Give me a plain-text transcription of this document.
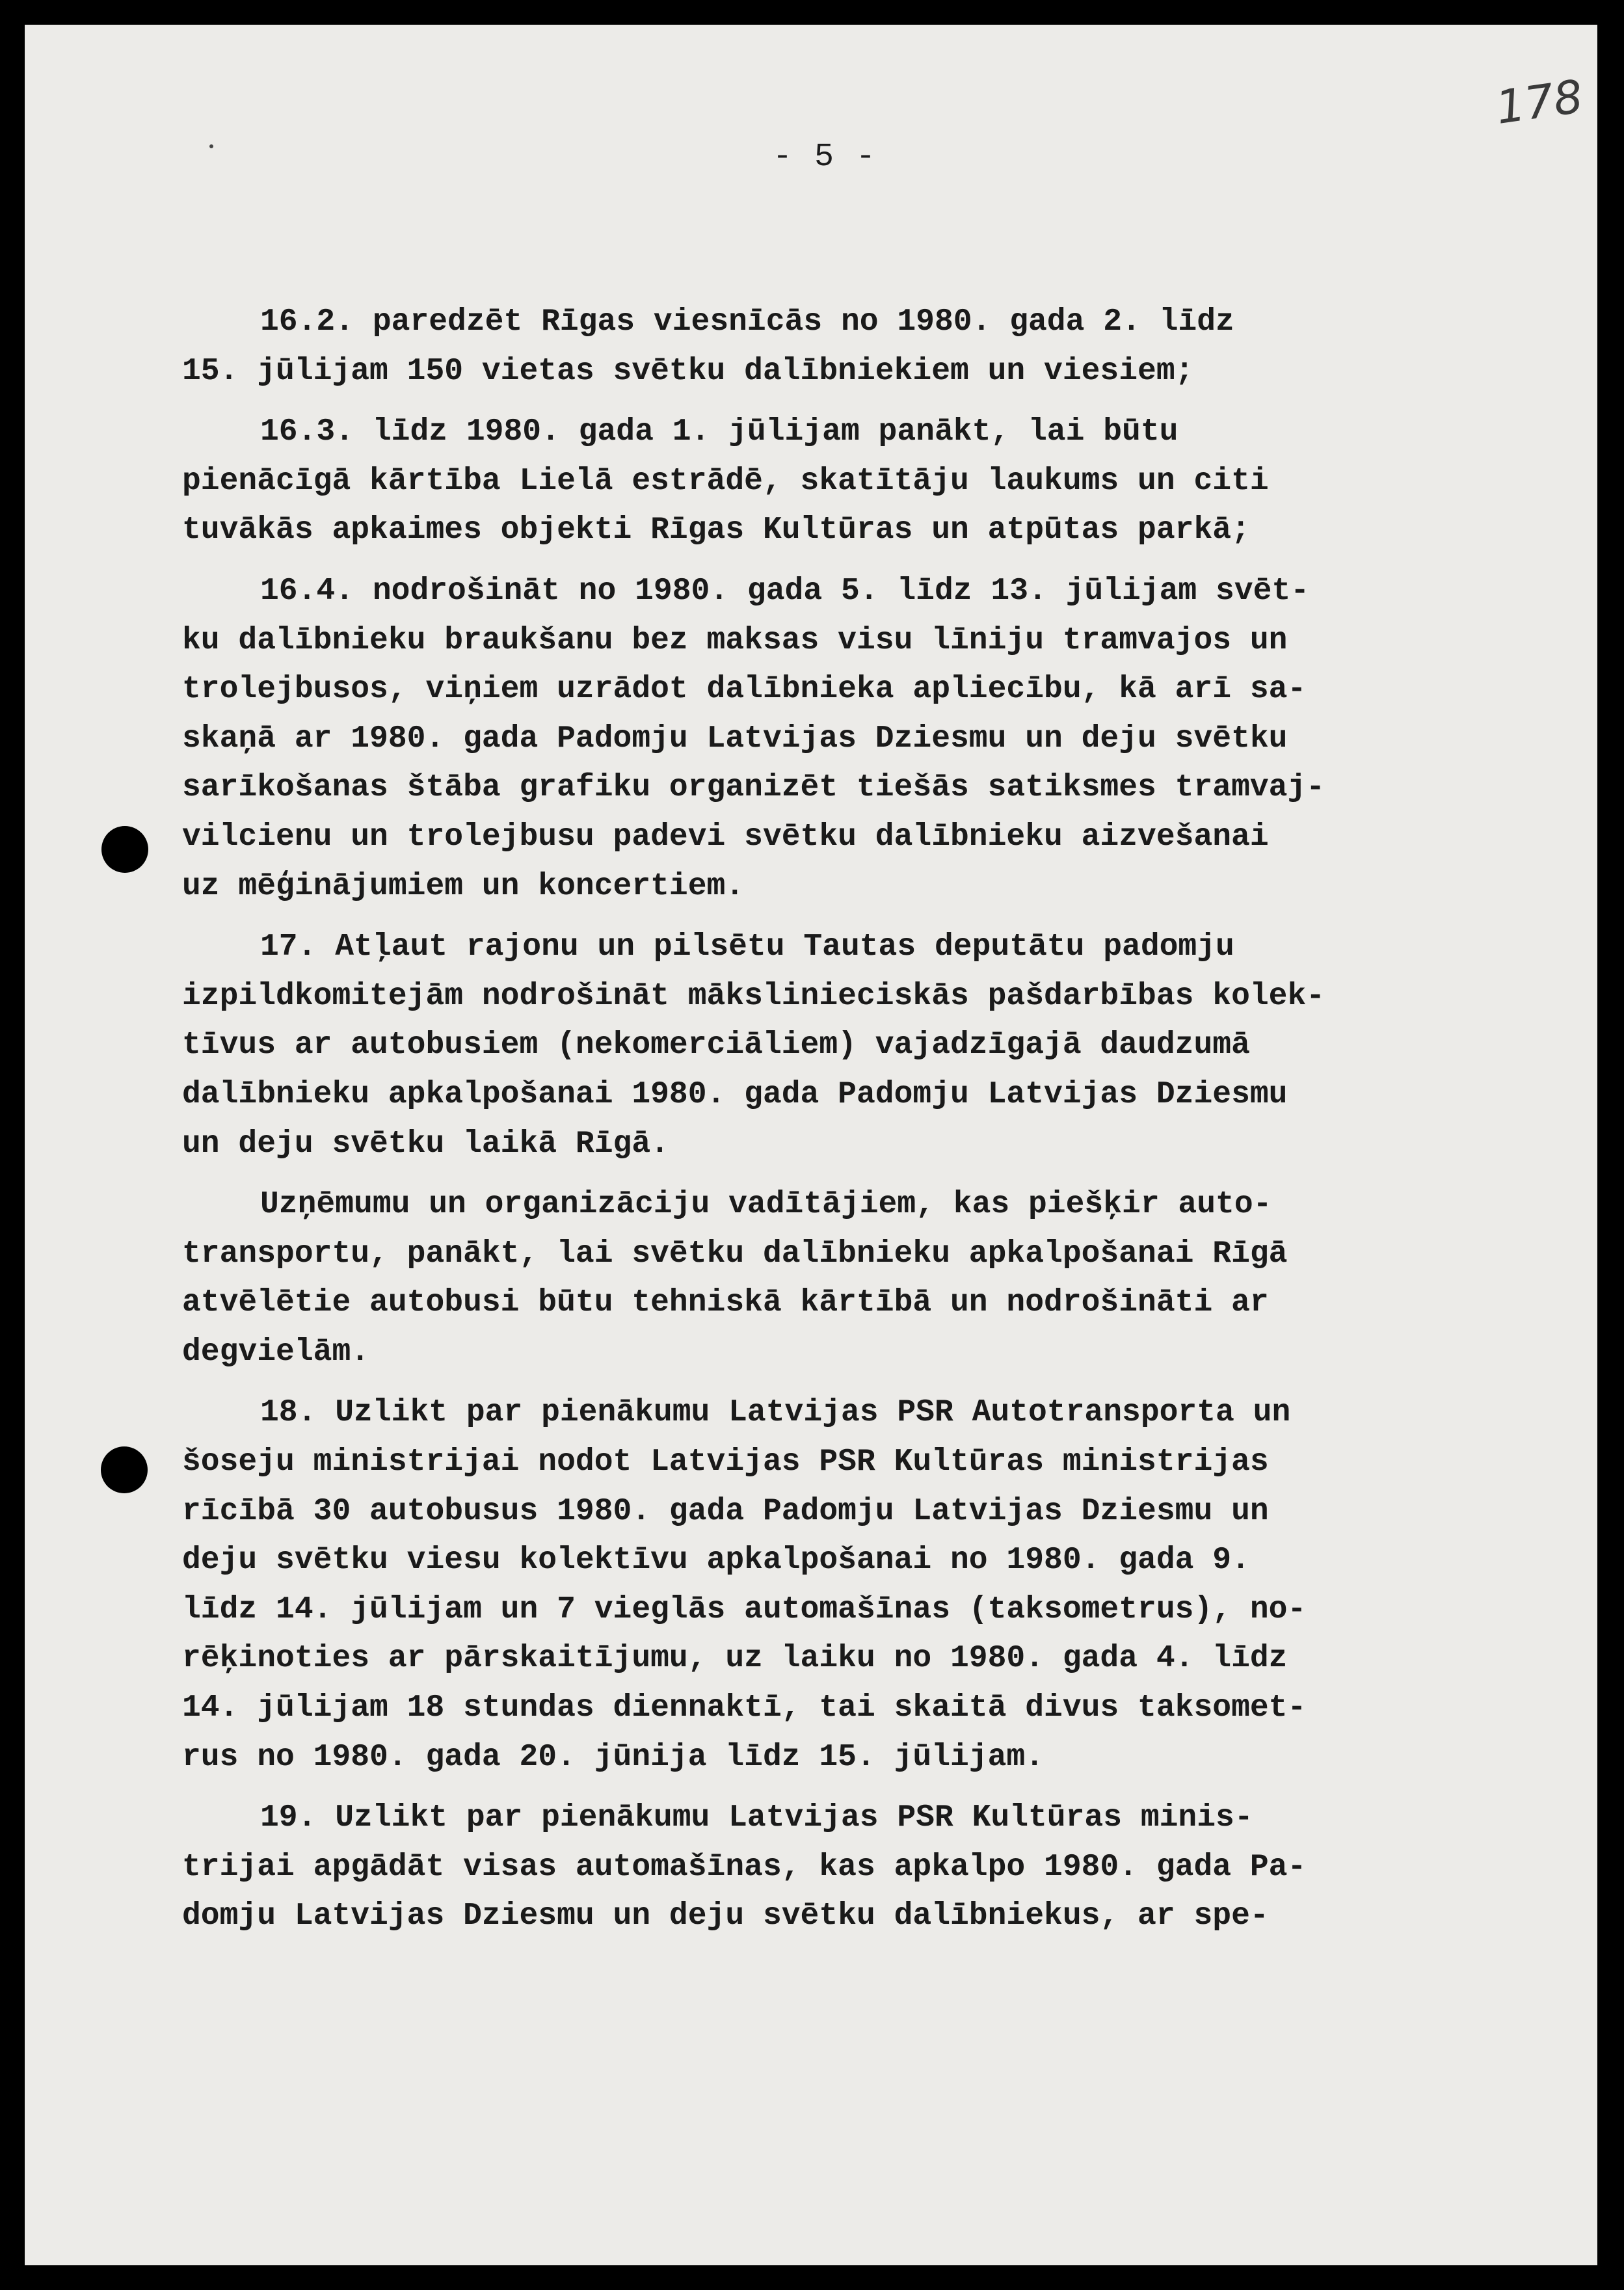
- 5 -
178
16.2. paredzēt Rīgas viesnīcās no 1980. gada 2. līdz
15. jūlijam 150 vietas svētku dalībniekiem un viesiem;
16.3. līdz 1980. gada 1. jūlijam panākt, lai būtu
pienācīgā kārtība Lielā estrādē, skatītāju laukums un citi
tuvākās apkaimes objekti Rīgas Kultūras un atpūtas parkā;
16.4. nodrošināt no 1980. gada 5. līdz 13. jūlijam svēt-
ku dalībnieku braukšanu bez maksas visu līniju tramvajos un
trolejbusos, viņiem uzrādot dalībnieka apliecību, kā arī sa-
skaņā ar 1980. gada Padomju Latvijas Dziesmu un deju svētku
sarīkošanas štāba grafiku organizēt tiešās satiksmes tramvaj-
vilcienu un trolejbusu padevi svētku dalībnieku aizvešanai
uz mēģinājumiem un koncertiem.
17. Atļaut rajonu un pilsētu Tautas deputātu padomju
izpildkomitejām nodrošināt mākslinieciskās pašdarbības kolek-
tīvus ar autobusiem (nekomerciāliem) vajadzīgajā daudzumā
dalībnieku apkalpošanai 1980. gada Padomju Latvijas Dziesmu
un deju svētku laikā Rīgā.
Uzņēmumu un organizāciju vadītājiem, kas piešķir auto-
transportu, panākt, lai svētku dalībnieku apkalpošanai Rīgā
atvēlētie autobusi būtu tehniskā kārtībā un nodrošināti ar
degvielām.
18. Uzlikt par pienākumu Latvijas PSR Autotransporta un
šoseju ministrijai nodot Latvijas PSR Kultūras ministrijas
rīcībā 30 autobusus 1980. gada Padomju Latvijas Dziesmu un
deju svētku viesu kolektīvu apkalpošanai no 1980. gada 9.
līdz 14. jūlijam un 7 vieglās automašīnas (taksometrus), no-
rēķinoties ar pārskaitījumu, uz laiku no 1980. gada 4. līdz
14. jūlijam 18 stundas diennaktī, tai skaitā divus taksomet-
rus no 1980. gada 20. jūnija līdz 15. jūlijam.
19. Uzlikt par pienākumu Latvijas PSR Kultūras minis-
trijai apgādāt visas automašīnas, kas apkalpo 1980. gada Pa-
domju Latvijas Dziesmu un deju svētku dalībniekus, ar spe-
